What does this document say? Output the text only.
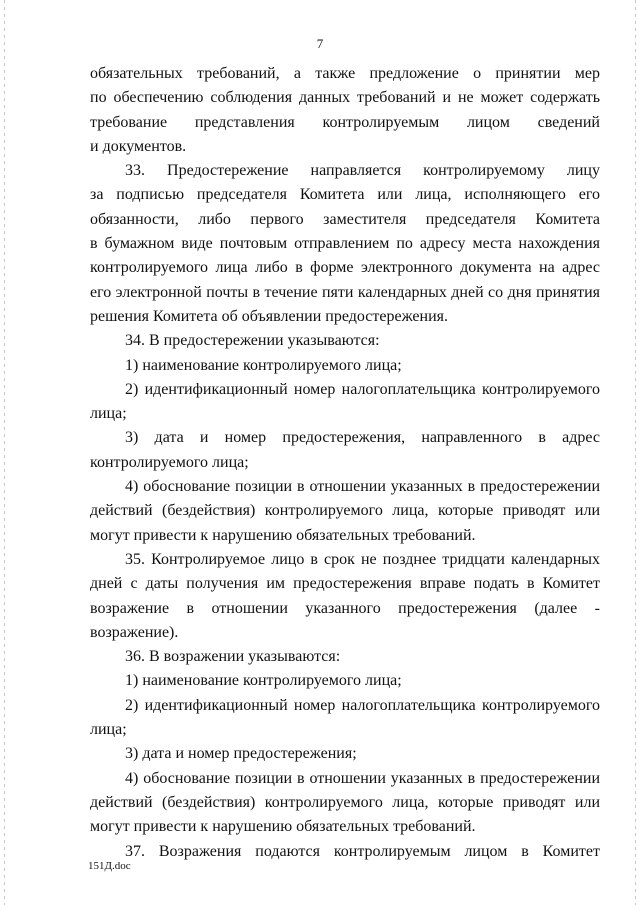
7
обязательных требований, а также предложение о принятии мер
по обеспечению соблюдения данных требований и не может содержать
требование представления контролируемым лицом сведений
и документов.
33. Предостережение направляется контролируемому лицу
за подписью председателя Комитета или лица, исполняющего его
обязанности, либо первого заместителя председателя Комитета
в бумажном виде почтовым отправлением по адресу места нахождения
контролируемого лица либо в форме электронного документа на адрес
его электронной почты в течение пяти календарных дней со дня принятия
решения Комитета об объявлении предостережения.
34. В предостережении указываются:
1) наименование контролируемого лица;
2) идентификационный номер налогоплательщика контролируемого
лица;
3) дата и номер предостережения, направленного в адрес
контролируемого лица;
4) обоснование позиции в отношении указанных в предостережении
действий (бездействия) контролируемого лица, которые приводят или
могут привести к нарушению обязательных требований.
35. Контролируемое лицо в срок не позднее тридцати календарных
дней с даты получения им предостережения вправе подать в Комитет
возражение в отношении указанного предостережения (далее -
возражение).
36. В возражении указываются:
1) наименование контролируемого лица;
2) идентификационный номер налогоплательщика контролируемого
лица;
3) дата и номер предостережения;
4) обоснование позиции в отношении указанных в предостережении
действий (бездействия) контролируемого лица, которые приводят или
могут привести к нарушению обязательных требований.
37. Возражения подаются контролируемым лицом в Комитет
151Д.doc
